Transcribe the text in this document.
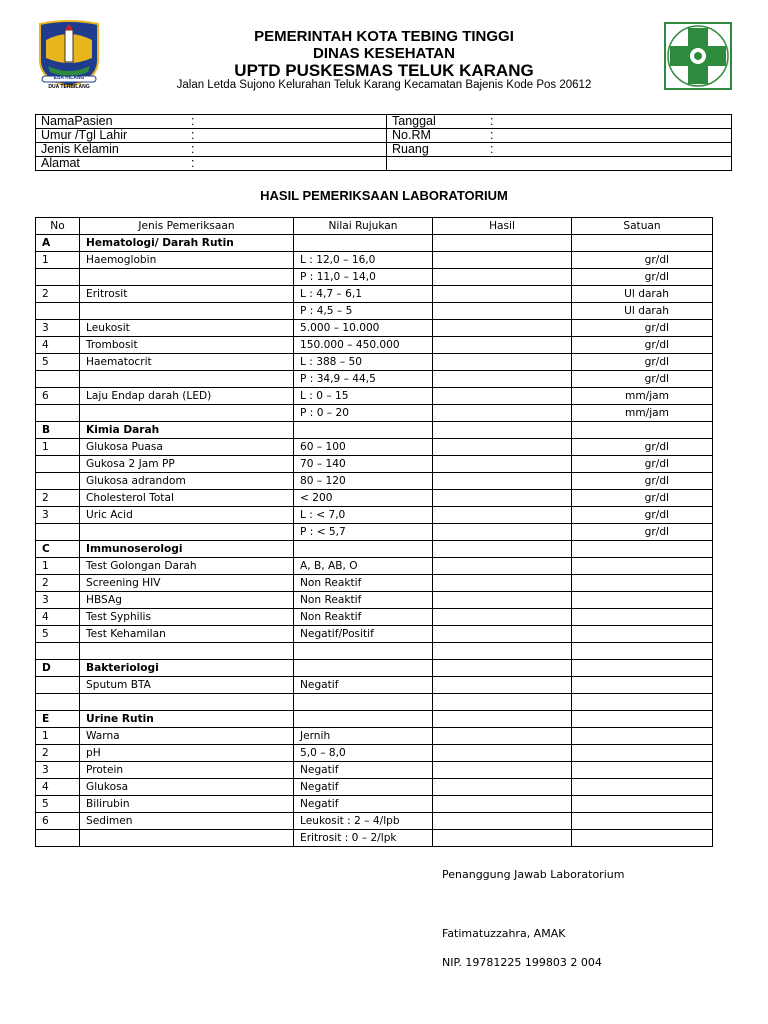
ESA HILANG
DUA TERBILANG
PEMERINTAH KOTA TEBING TINGGI
DINAS KESEHATAN
UPTD PUSKESMAS TELUK KARANG
Jalan Letda Sujono Kelurahan Teluk Karang Kecamatan Bajenis Kode Pos 20612
NamaPasien :	Tanggal :
Umur /Tgl Lahir :	No.RM :
Jenis Kelamin :	Ruang :
Alamat :	
HASIL PEMERIKSAAN LABORATORIUM
No	Jenis Pemeriksaan	Nilai Rujukan	Hasil	Satuan
A	Hematologi/ Darah Rutin			
1	Haemoglobin	L : 12,0 – 16,0		gr/dl
		P : 11,0 – 14,0		gr/dl
2	Eritrosit	L : 4,7 – 6,1		Ul darah
		P : 4,5 – 5		Ul darah
3	Leukosit	5.000 – 10.000		gr/dl
4	Trombosit	150.000 – 450.000		gr/dl
5	Haematocrit	L : 388 – 50		gr/dl
		P : 34,9 – 44,5		gr/dl
6	Laju Endap darah (LED)	L : 0 – 15		mm/jam
		P : 0 – 20		mm/jam
B	Kimia Darah			
1	Glukosa Puasa	60 – 100		gr/dl
	Gukosa 2 Jam PP	70 – 140		gr/dl
	Glukosa adrandom	80 – 120		gr/dl
2	Cholesterol Total	< 200		gr/dl
3	Uric Acid	L : < 7,0		gr/dl
		P : < 5,7		gr/dl
C	Immunoserologi			
1	Test Golongan Darah	A, B, AB, O		
2	Screening HIV	Non Reaktif		
3	HBSAg	Non Reaktif		
4	Test Syphilis	Non Reaktif		
5	Test Kehamilan	Negatif/Positif		

D	Bakteriologi			
	Sputum BTA	Negatif		

E	Urine Rutin			
1	Warna	Jernih		
2	pH	5,0 – 8,0		
3	Protein	Negatif		
4	Glukosa	Negatif		
5	Bilirubin	Negatif		
6	Sedimen	Leukosit : 2 – 4/lpb		
		Eritrosit : 0 – 2/lpk		
Penanggung Jawab Laboratorium
Fatimatuzzahra, AMAK
NIP. 19781225 199803 2 004
